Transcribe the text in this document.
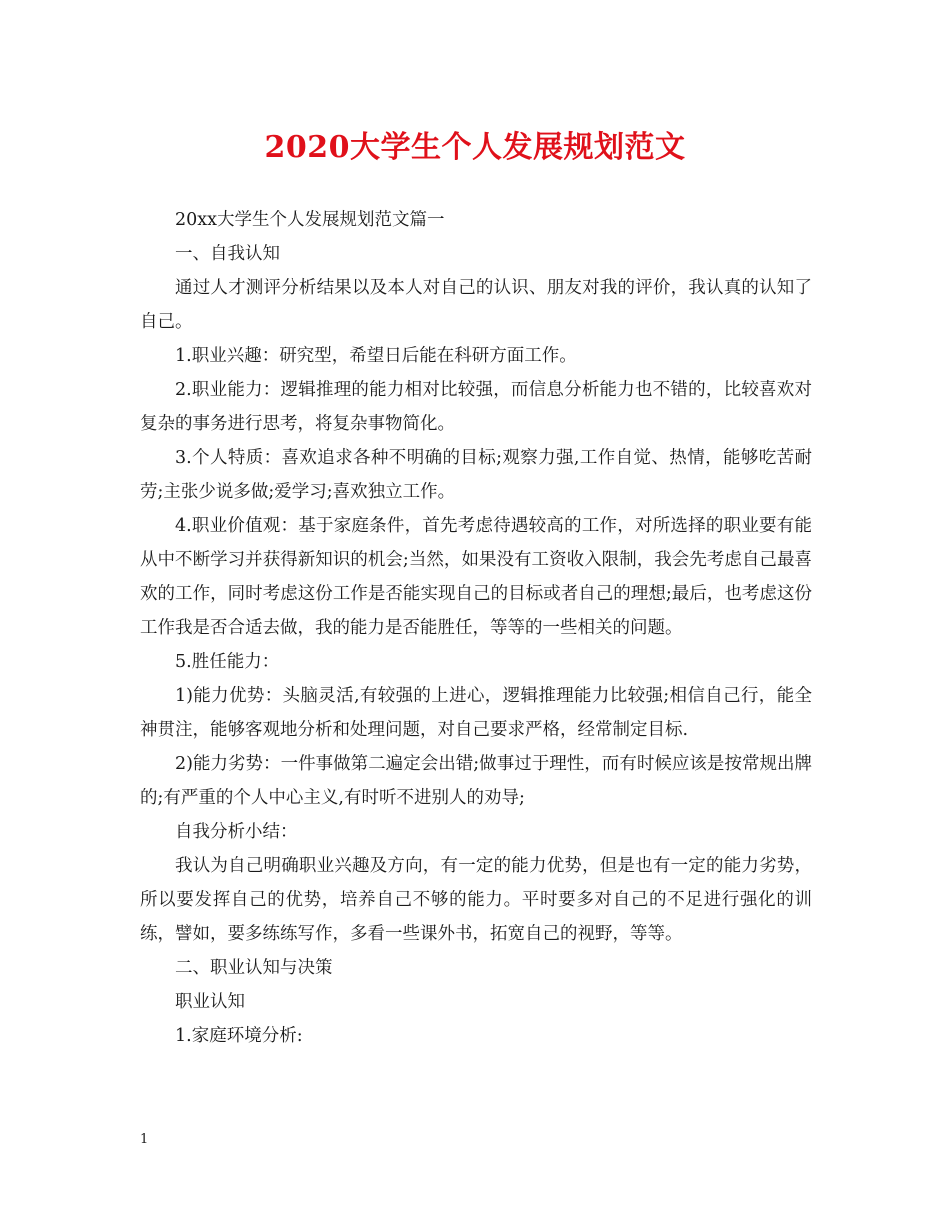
2020大学生个人发展规划范文

20xx大学生个人发展规划范文篇一

一、自我认知

通过人才测评分析结果以及本人对自己的认识、朋友对我的评价，我认真的认知了自己。

1.职业兴趣：研究型，希望日后能在科研方面工作。

2.职业能力：逻辑推理的能力相对比较强，而信息分析能力也不错的，比较喜欢对复杂的事务进行思考，将复杂事物简化。

3.个人特质：喜欢追求各种不明确的目标;观察力强,工作自觉、热情，能够吃苦耐劳;主张少说多做;爱学习;喜欢独立工作。

4.职业价值观：基于家庭条件，首先考虑待遇较高的工作，对所选择的职业要有能从中不断学习并获得新知识的机会;当然，如果没有工资收入限制，我会先考虑自己最喜欢的工作，同时考虑这份工作是否能实现自己的目标或者自己的理想;最后，也考虑这份工作我是否合适去做，我的能力是否能胜任，等等的一些相关的问题。

5.胜任能力：

1)能力优势：头脑灵活,有较强的上进心，逻辑推理能力比较强;相信自己行，能全神贯注，能够客观地分析和处理问题，对自己要求严格，经常制定目标.

2)能力劣势：一件事做第二遍定会出错;做事过于理性，而有时候应该是按常规出牌的;有严重的个人中心主义,有时听不进别人的劝导;

自我分析小结：

我认为自己明确职业兴趣及方向，有一定的能力优势，但是也有一定的能力劣势，所以要发挥自己的优势，培养自己不够的能力。平时要多对自己的不足进行强化的训练，譬如，要多练练写作，多看一些课外书，拓宽自己的视野，等等。

二、职业认知与决策

职业认知

1.家庭环境分析:

1
